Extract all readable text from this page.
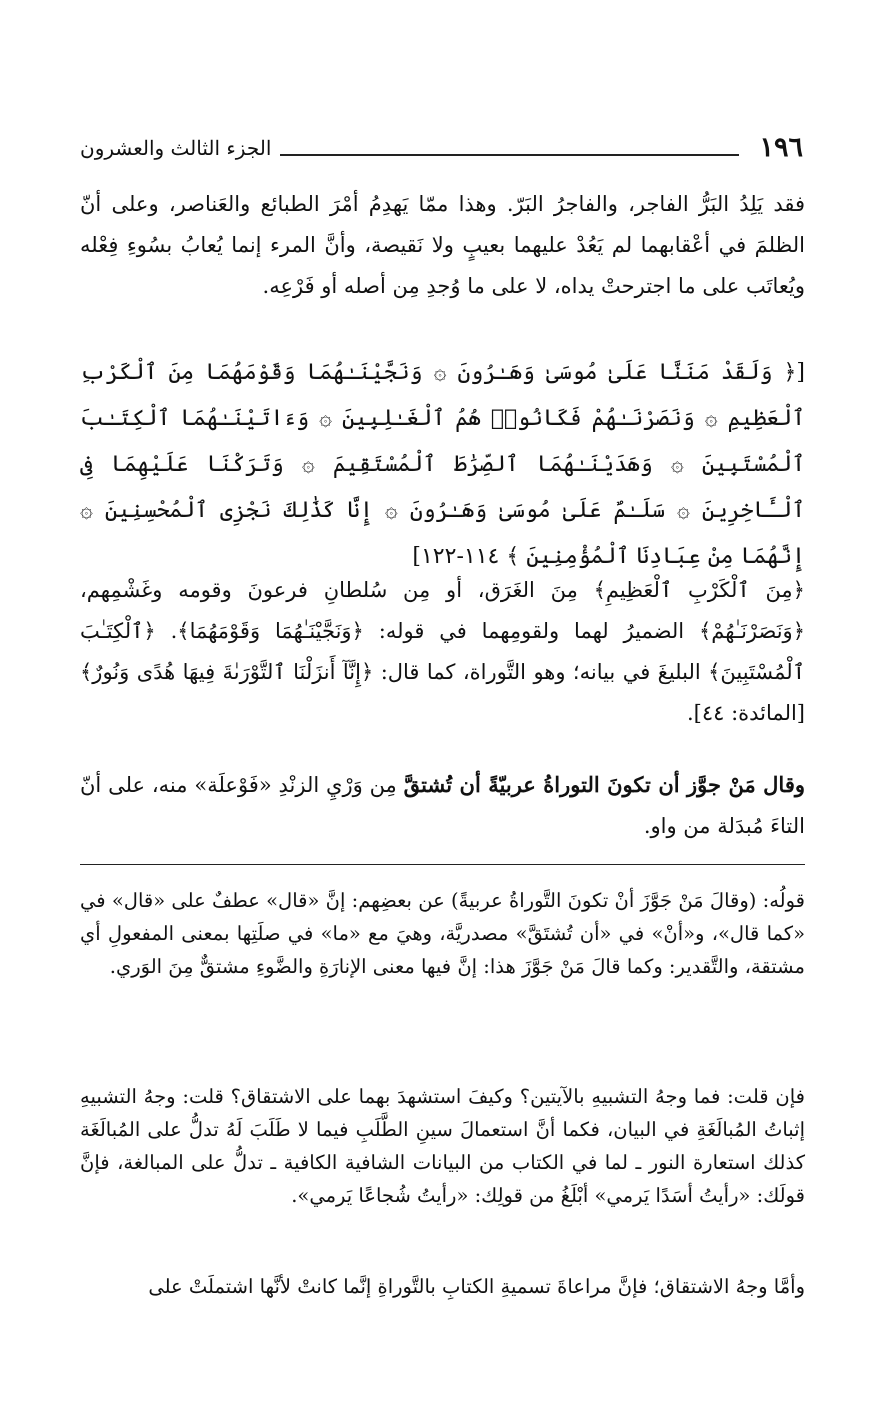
١٩٦
الجزء الثالث والعشرون

فقد يَلِدُ البَرُّ الفاجر، والفاجرُ البَرّ. وهذا ممّا يَهدِمُ أمْرَ الطبائع والعَناصر، وعلى أنّ الظلمَ في أعْقابهما لم يَعُدْ عليهما بعيبٍ ولا نَقيصة، وأنَّ المرء إنما يُعابُ بسُوءِ فِعْله ويُعاتَب على ما اجترحتْ يداه، لا على ما وُجدِ مِن أصله أو فَرْعِه.

[﴿ وَلَقَدْ مَنَنَّا عَلَىٰ مُوسَىٰ وَهَـٰرُونَ ۞ وَنَجَّيْنَـٰهُمَا وَقَوْمَهُمَا مِنَ ٱلْكَرْبِ ٱلْعَظِيمِ ۞ وَنَصَرْنَـٰهُمْ فَكَانُوا۟ هُمُ ٱلْغَـٰلِبِينَ ۞ وَءَاتَيْنَـٰهُمَا ٱلْكِتَـٰبَ ٱلْمُسْتَبِينَ ۞ وَهَدَيْنَـٰهُمَا ٱلصِّرَٰطَ ٱلْمُسْتَقِيمَ ۞ وَتَرَكْنَا عَلَيْهِمَا فِى ٱلْـَٔاخِرِينَ ۞ سَلَـٰمٌ عَلَىٰ مُوسَىٰ وَهَـٰرُونَ ۞ إِنَّا كَذَٰلِكَ نَجْزِى ٱلْمُحْسِنِينَ ۞ إِنَّهُمَا مِنْ عِبَادِنَا ٱلْمُؤْمِنِينَ ﴾ ١١٤-١٢٢]

﴿مِنَ ٱلْكَرْبِ ٱلْعَظِيمِ﴾ مِنَ الغَرَق، أو مِن سُلطانِ فرعونَ وقومه وغَشْمِهم، ﴿وَنَصَرْنَـٰهُمْ﴾ الضميرُ لهما ولقومِهما في قوله: ﴿وَنَجَّيْنَـٰهُمَا وَقَوْمَهُمَا﴾. ﴿ٱلْكِتَـٰبَ ٱلْمُسْتَبِينَ﴾ البليغَ في بيانه؛ وهو التَّوراة، كما قال: ﴿إِنَّآ أَنزَلْنَا ٱلتَّوْرَىٰةَ فِيهَا هُدًى وَنُورٌ﴾ [المائدة: ٤٤].

وقال مَنْ جوَّز أن تكونَ التوراةُ عربيّةً أن تُشتقَّ مِن وَرْيِ الزنْدِ «فَوْعلَة» منه، على أنّ التاءَ مُبدَلة من واو.

قولُه: (وقالَ مَنْ جَوَّزَ أنْ تكونَ التَّوراةُ عربيةً) عن بعضِهم: إنَّ «قال» عطفٌ على «قال» في «كما قال»، و«أنْ» في «أن تُشتَقَّ» مصدريَّة، وهيَ مع «ما» في صلَتِها بمعنى المفعولِ أي مشتقة، والتَّقدير: وكما قالَ مَنْ جَوَّزَ هذا: إنَّ فيها معنى الإنارَةِ والضَّوءِ مشتقٌّ مِنَ الوَري.

فإن قلت: فما وجهُ التشبيهِ بالآيتين؟ وكيفَ استشهدَ بهما على الاشتقاق؟ قلت: وجهُ التشبيهِ إثباتُ المُبالَغَةِ في البيان، فكما أنَّ استعمالَ سينِ الطَّلَبِ فيما لا طَلَبَ لَهُ تدلُّ على المُبالَغَة كذلك استعارة النور ـ لما في الكتاب من البيانات الشافية الكافية ـ تدلُّ على المبالغة، فإنَّ قولَك: «رأيتُ أسَدًا يَرمي» أبْلَغُ من قولِك: «رأيتُ شُجاعًا يَرمي».

وأمَّا وجهُ الاشتقاق؛ فإنَّ مراعاةَ تسميةِ الكتابِ بالتَّوراةِ إنَّما كانتْ لأنَّها اشتملَتْ على
